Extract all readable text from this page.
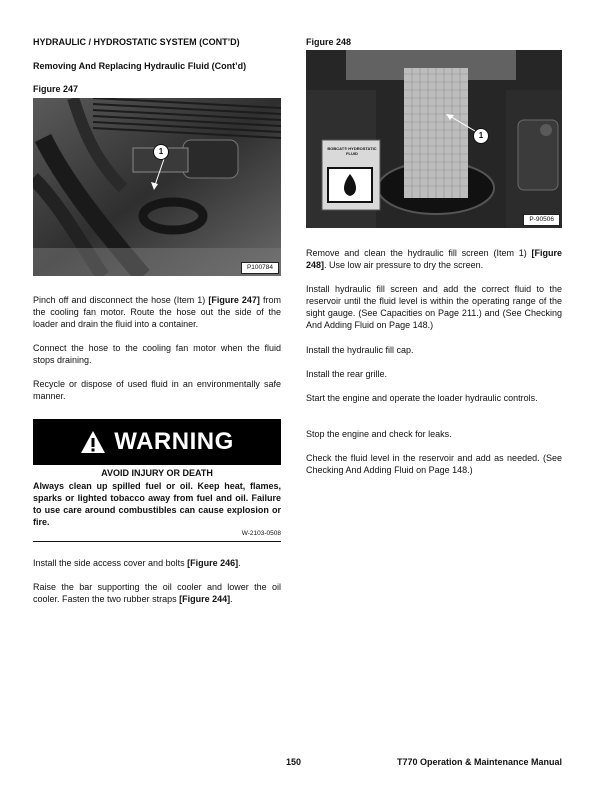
HYDRAULIC / HYDROSTATIC SYSTEM (CONT’D)
Removing And Replacing Hydraulic Fluid (Cont’d)
Figure 247
1
P100784
Pinch off and disconnect the hose (Item 1) [Figure 247] from the cooling fan motor. Route the hose out the side of the loader and drain the fluid into a container.
Connect the hose to the cooling fan motor when the fluid stops draining.
Recycle or dispose of used fluid in an environmentally safe manner.
WARNING
AVOID INJURY OR DEATH
Always clean up spilled fuel or oil. Keep heat, flames, sparks or lighted tobacco away from fuel and oil. Failure to use care around combustibles can cause explosion or fire.
W-2103-0508
Install the side access cover and bolts [Figure 246].
Raise the bar supporting the oil cooler and lower the oil cooler. Fasten the two rubber straps [Figure 244].
Figure 248
BOBCAT® HYDROSTATIC FLUID
1
P-90506
Remove and clean the hydraulic fill screen (Item 1) [Figure 248]. Use low air pressure to dry the screen.
Install hydraulic fill screen and add the correct fluid to the reservoir until the fluid level is within the operating range of the sight gauge. (See Capacities on Page 211.) and (See Checking And Adding Fluid on Page 148.)
Install the hydraulic fill cap.
Install the rear grille.
Start the engine and operate the loader hydraulic controls.
Stop the engine and check for leaks.
Check the fluid level in the reservoir and add as needed. (See Checking And Adding Fluid on Page 148.)
150	T770 Operation & Maintenance Manual
